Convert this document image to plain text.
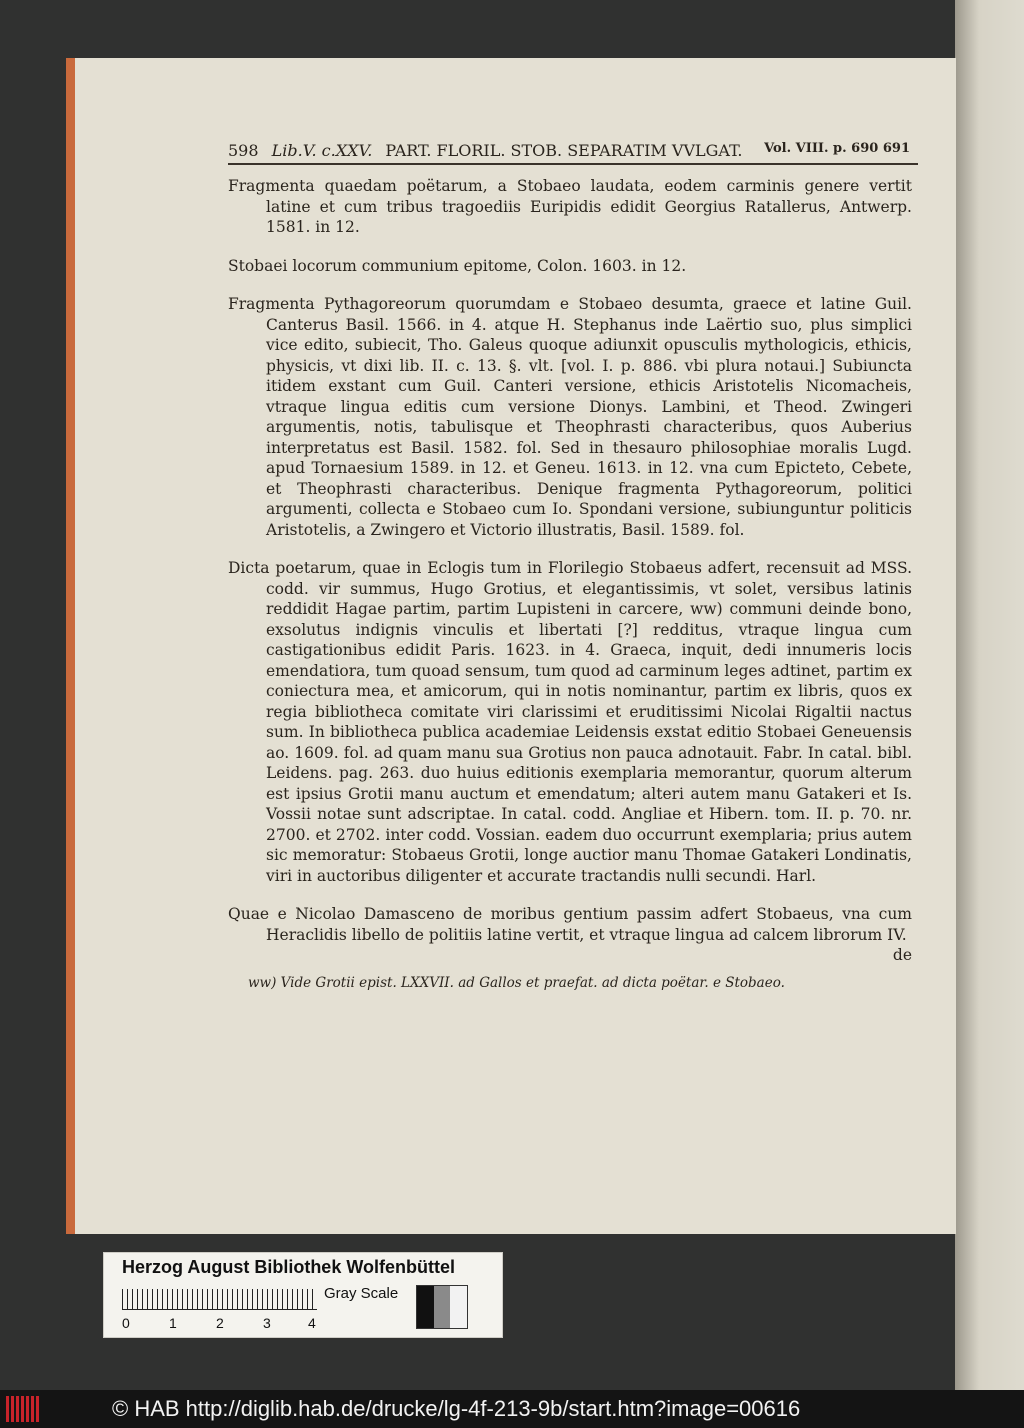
598 Lib.V. c.XXV. PART. FLORIL. STOB. SEPARATIM VVLGAT. Vol. VIII. p. 690 691

Fragmenta quaedam poëtarum, a Stobaeo laudata, eodem carminis genere vertit latine et cum tribus tragoediis Euripidis edidit Georgius Ratallerus, Antwerp. 1581. in 12.

Stobaei locorum communium epitome, Colon. 1603. in 12.

Fragmenta Pythagoreorum quorumdam e Stobaeo desumta, graece et latine Guil. Canterus Basil. 1566. in 4. atque H. Stephanus inde Laërtio suo, plus simplici vice edito, subiecit, Tho. Galeus quoque adiunxit opusculis mythologicis, ethicis, physicis, vt dixi lib. II. c. 13. §. vlt. [vol. I. p. 886. vbi plura notaui.] Subiuncta itidem exstant cum Guil. Canteri versione, ethicis Aristotelis Nicomacheis, vtraque lingua editis cum versione Dionys. Lambini, et Theod. Zwingeri argumentis, notis, tabulisque et Theophrasti characteribus, quos Auberius interpretatus est Basil. 1582. fol. Sed in thesauro philosophiae moralis Lugd. apud Tornaesium 1589. in 12. et Geneu. 1613. in 12. vna cum Epicteto, Cebete, et Theophrasti characteribus. Denique fragmenta Pythagoreorum, politici argumenti, collecta e Stobaeo cum Io. Spondani versione, subiunguntur politicis Aristotelis, a Zwingero et Victorio illustratis, Basil. 1589. fol.

Dicta poetarum, quae in Eclogis tum in Florilegio Stobaeus adfert, recensuit ad MSS. codd. vir summus, Hugo Grotius, et elegantissimis, vt solet, versibus latinis reddidit Hagae partim, partim Lupisteni in carcere, ww) communi deinde bono, exsolutus indignis vinculis et libertati [?] redditus, vtraque lingua cum castigationibus edidit Paris. 1623. in 4. Graeca, inquit, dedi innumeris locis emendatiora, tum quoad sensum, tum quod ad carminum leges adtinet, partim ex coniectura mea, et amicorum, qui in notis nominantur, partim ex libris, quos ex regia bibliotheca comitate viri clarissimi et eruditissimi Nicolai Rigaltii nactus sum. In bibliotheca publica academiae Leidensis exstat editio Stobaei Geneuensis ao. 1609. fol. ad quam manu sua Grotius non pauca adnotauit. Fabr. In catal. bibl. Leidens. pag. 263. duo huius editionis exemplaria memorantur, quorum alterum est ipsius Grotii manu auctum et emendatum; alteri autem manu Gatakeri et Is. Vossii notae sunt adscriptae. In catal. codd. Angliae et Hibern. tom. II. p. 70. nr. 2700. et 2702. inter codd. Vossian. eadem duo occurrunt exemplaria; prius autem sic memoratur: Stobaeus Grotii, longe auctior manu Thomae Gatakeri Londinatis, viri in auctoribus diligenter et accurate tractandis nulli secundi. Harl.

Quae e Nicolao Damasceno de moribus gentium passim adfert Stobaeus, vna cum Heraclidis libello de politiis latine vertit, et vtraque lingua ad calcem librorum IV.

de
ww) Vide Grotii epist. LXXVII. ad Gallos et praefat. ad dicta poëtar. e Stobaeo.
Herzog August Bibliothek Wolfenbüttel
0	1	2	3	4
Gray Scale
© HAB http://diglib.hab.de/drucke/lg-4f-213-9b/start.htm?image=00616
